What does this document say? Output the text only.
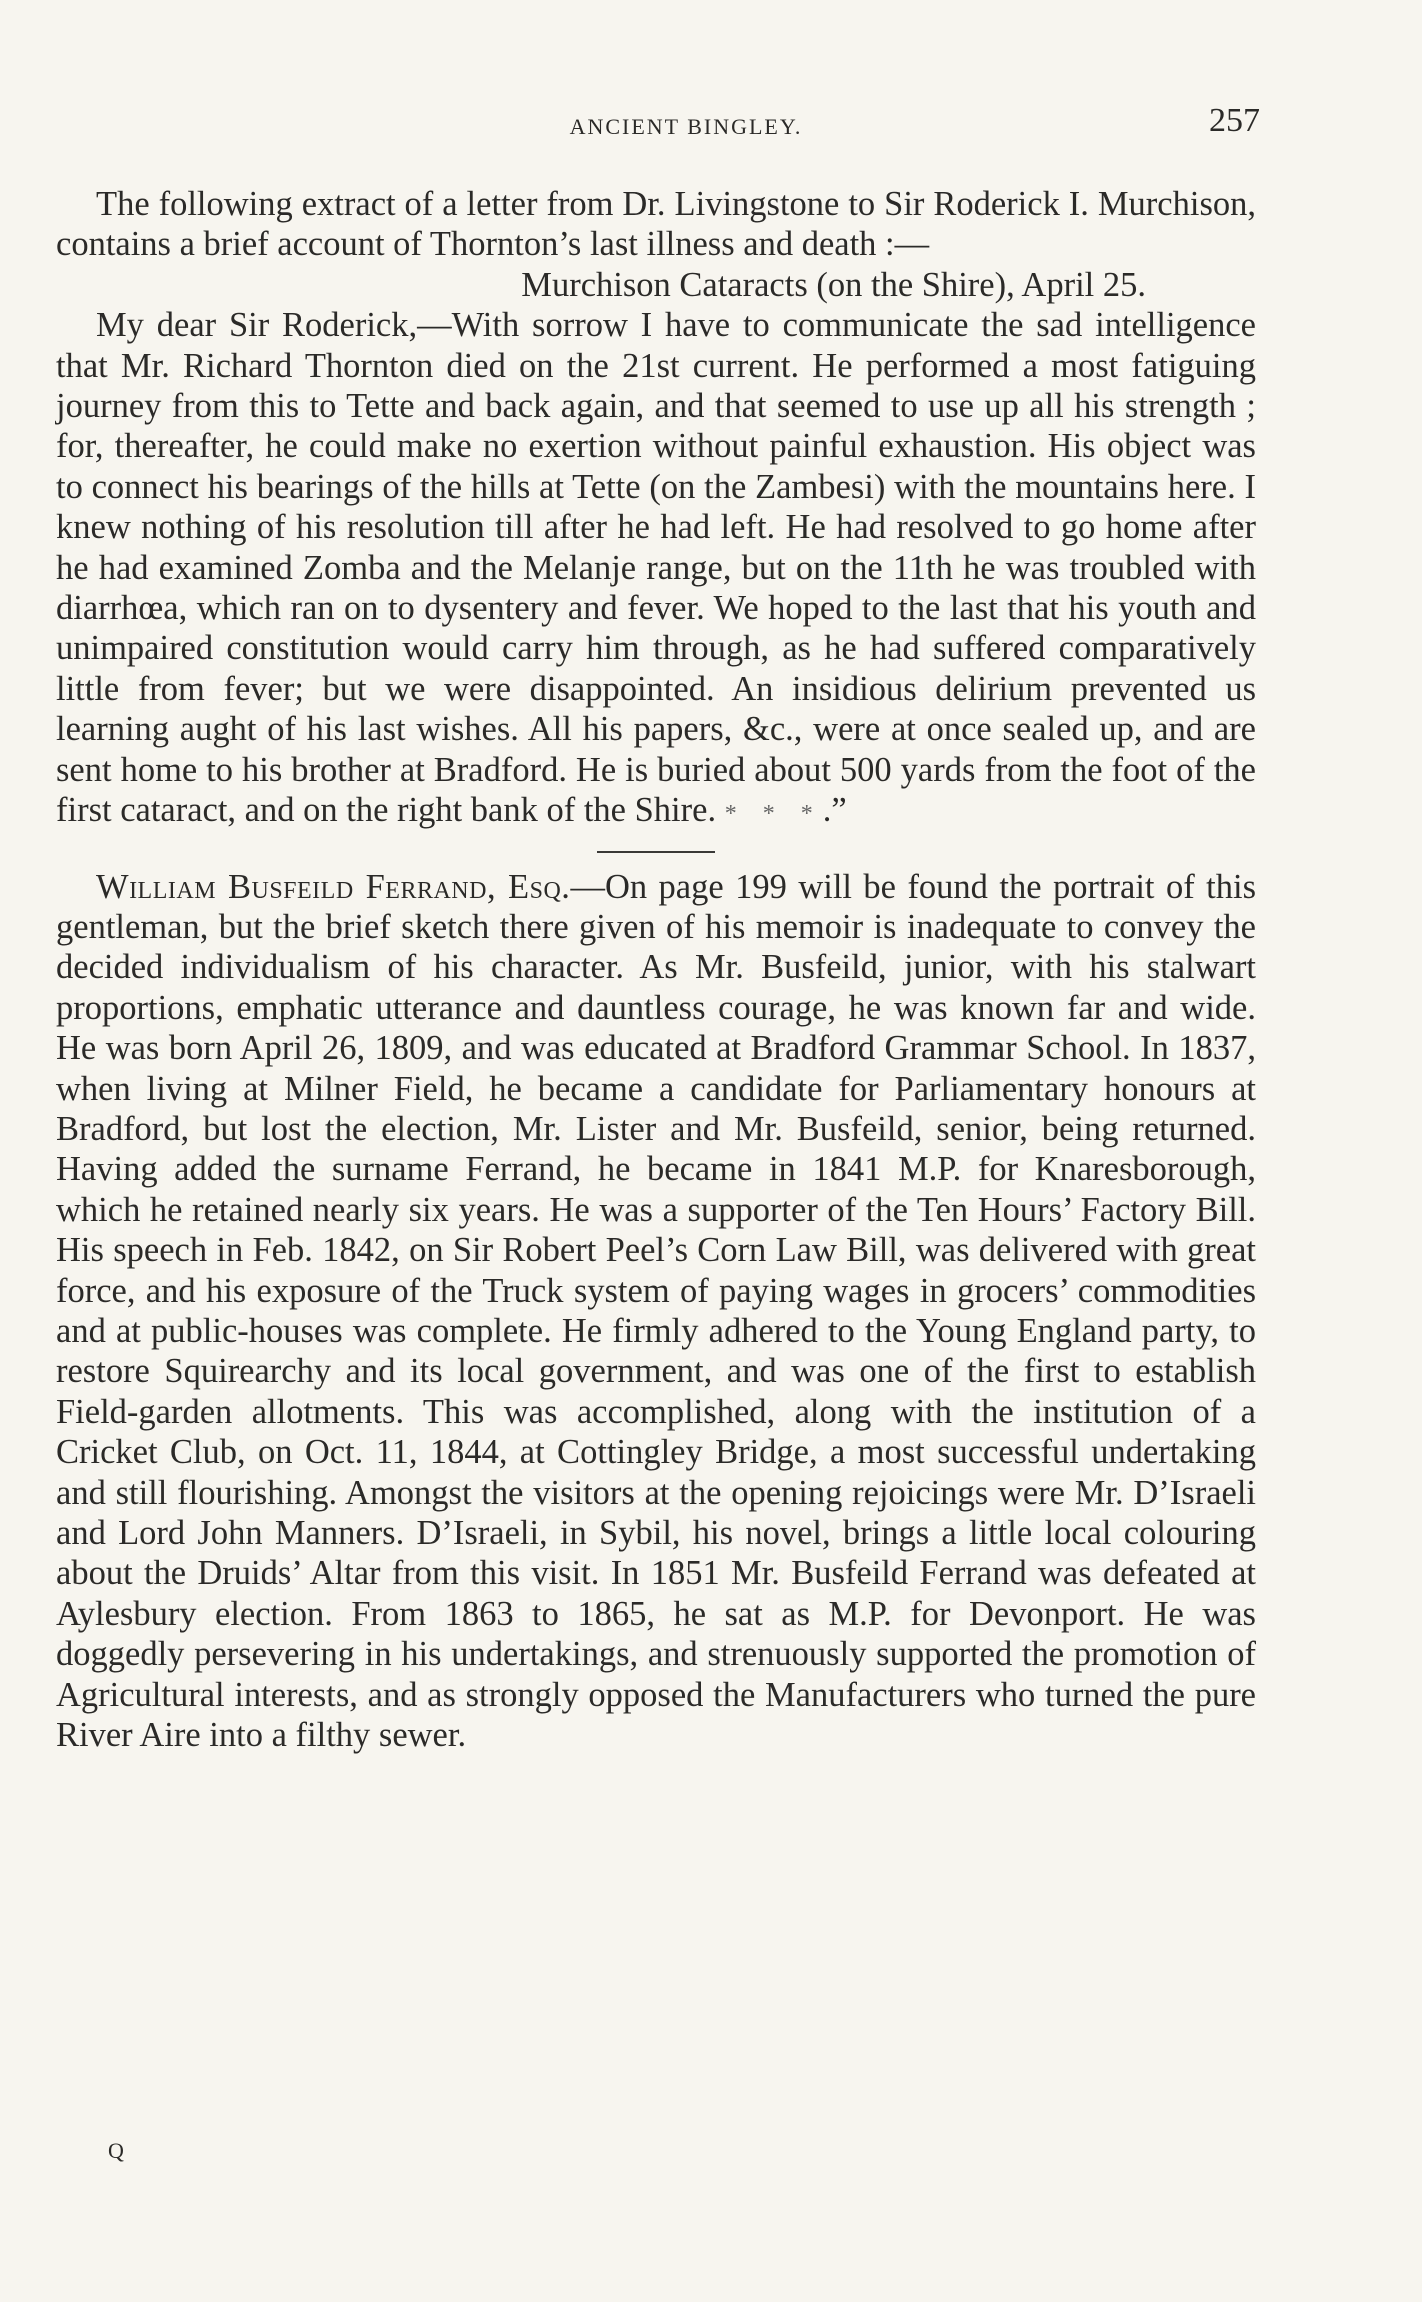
ANCIENT BINGLEY.	257

The following extract of a letter from Dr. Livingstone to Sir Roderick I. Murchison, contains a brief account of Thornton’s last illness and death :—

Murchison Cataracts (on the Shire), April 25.

My dear Sir Roderick,—With sorrow I have to communicate the sad intelligence that Mr. Richard Thornton died on the 21st current. He performed a most fatiguing journey from this to Tette and back again, and that seemed to use up all his strength ; for, thereafter, he could make no exertion without painful exhaustion. His object was to connect his bearings of the hills at Tette (on the Zambesi) with the mountains here. I knew nothing of his resolution till after he had left. He had resolved to go home after he had examined Zomba and the Melanje range, but on the 11th he was troubled with diarrhœa, which ran on to dysentery and fever. We hoped to the last that his youth and unimpaired constitution would carry him through, as he had suffered comparatively little from fever; but we were disappointed. An insidious delirium prevented us learning aught of his last wishes. All his papers, &c., were at once sealed up, and are sent home to his brother at Bradford. He is buried about 500 yards from the foot of the first cataract, and on the right bank of the Shire. * * *.”

William Busfeild Ferrand, Esq.—On page 199 will be found the portrait of this gentleman, but the brief sketch there given of his memoir is inadequate to convey the decided individualism of his character. As Mr. Busfeild, junior, with his stalwart proportions, emphatic utterance and dauntless courage, he was known far and wide. He was born April 26, 1809, and was educated at Bradford Grammar School. In 1837, when living at Milner Field, he became a candidate for Parliamentary honours at Bradford, but lost the election, Mr. Lister and Mr. Busfeild, senior, being returned. Having added the surname Ferrand, he became in 1841 M.P. for Knaresborough, which he retained nearly six years. He was a supporter of the Ten Hours’ Factory Bill. His speech in Feb. 1842, on Sir Robert Peel’s Corn Law Bill, was delivered with great force, and his exposure of the Truck system of paying wages in grocers’ commodities and at public-houses was complete. He firmly adhered to the Young England party, to restore Squirearchy and its local government, and was one of the first to establish Field-garden allotments. This was accomplished, along with the institution of a Cricket Club, on Oct. 11, 1844, at Cottingley Bridge, a most successful undertaking and still flourishing. Amongst the visitors at the opening rejoicings were Mr. D’Israeli and Lord John Manners. D’Israeli, in Sybil, his novel, brings a little local colouring about the Druids’ Altar from this visit. In 1851 Mr. Busfeild Ferrand was defeated at Aylesbury election. From 1863 to 1865, he sat as M.P. for Devonport. He was doggedly persevering in his undertakings, and strenuously supported the promotion of Agricultural interests, and as strongly opposed the Manufacturers who turned the pure River Aire into a filthy sewer.

Q
